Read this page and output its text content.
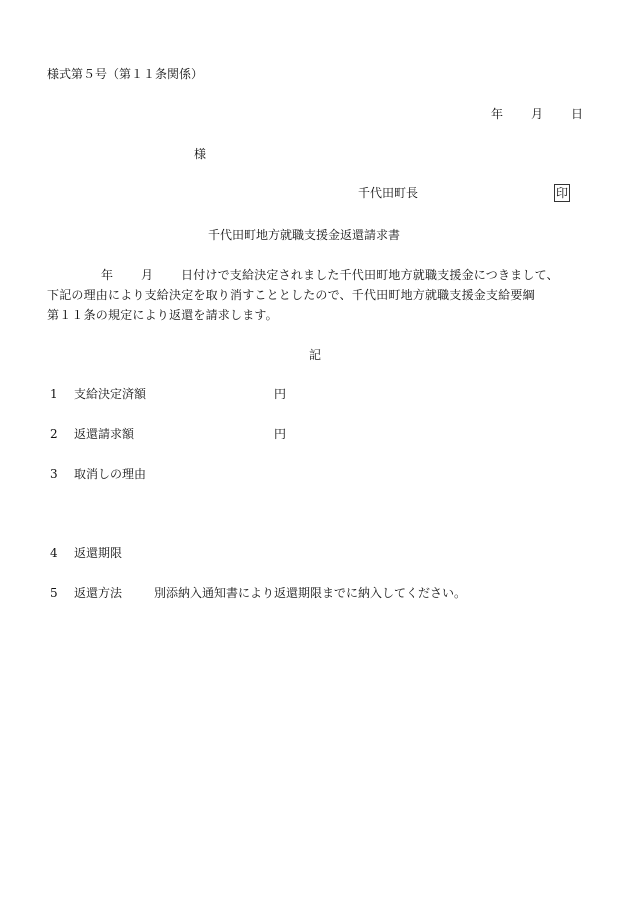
様式第５号（第１１条関係）
年 月 日
様
千代田町長	印
千代田町地方就職支援金返還請求書
年 月 日付けで支給決定されました千代田町地方就職支援金につきまして、
下記の理由により支給決定を取り消すこととしたので、千代田町地方就職支援金支給要綱
第１１条の規定により返還を請求します。
記
1 支給決定済額	円
2 返還請求額	円
3 取消しの理由
4 返還期限
5 返還方法	別添納入通知書により返還期限までに納入してください。
